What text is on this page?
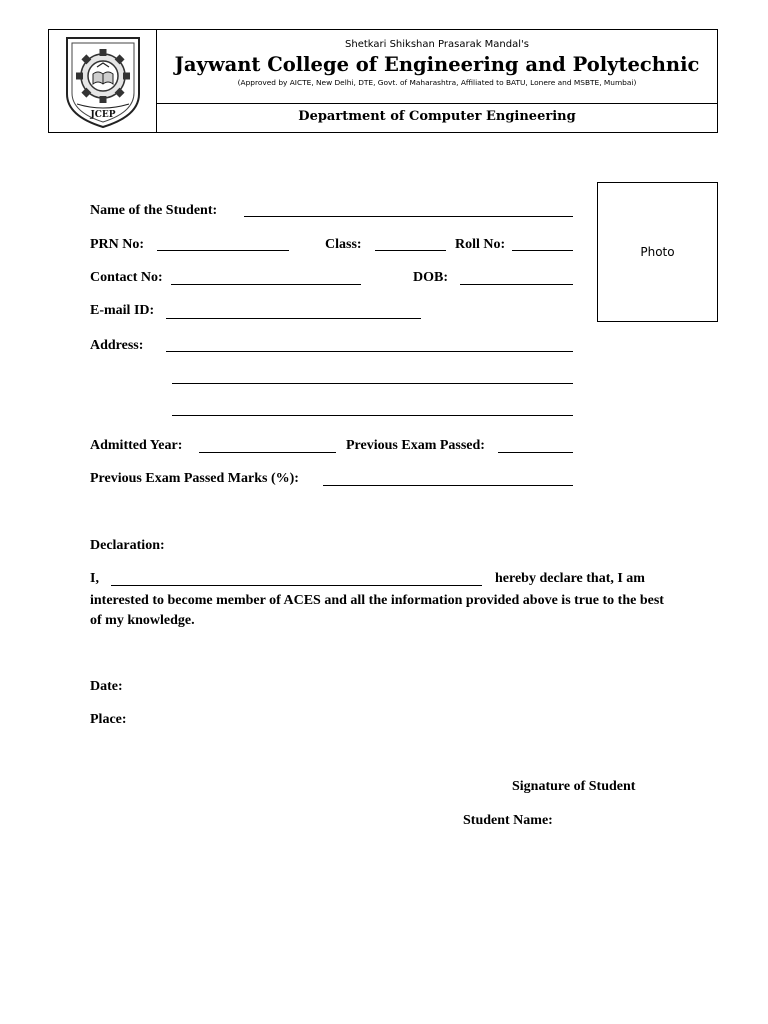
JCEP
Shetkari Shikshan Prasarak Mandal's
Jaywant College of Engineering and Polytechnic
(Approved by AICTE, New Delhi, DTE, Govt. of Maharashtra, Affiliated to BATU, Lonere and MSBTE, Mumbai)
Department of Computer Engineering
Photo
Name of the Student:
PRN No:	Class:	Roll No:
Contact No:	DOB:
E-mail ID:
Address:
Admitted Year:	Previous Exam Passed:
Previous Exam Passed Marks (%):
Declaration:
I,	hereby declare that, I am
interested to become member of ACES and all the information provided above is true to the best of my knowledge.
Date:
Place:
Signature of Student
Student Name:
